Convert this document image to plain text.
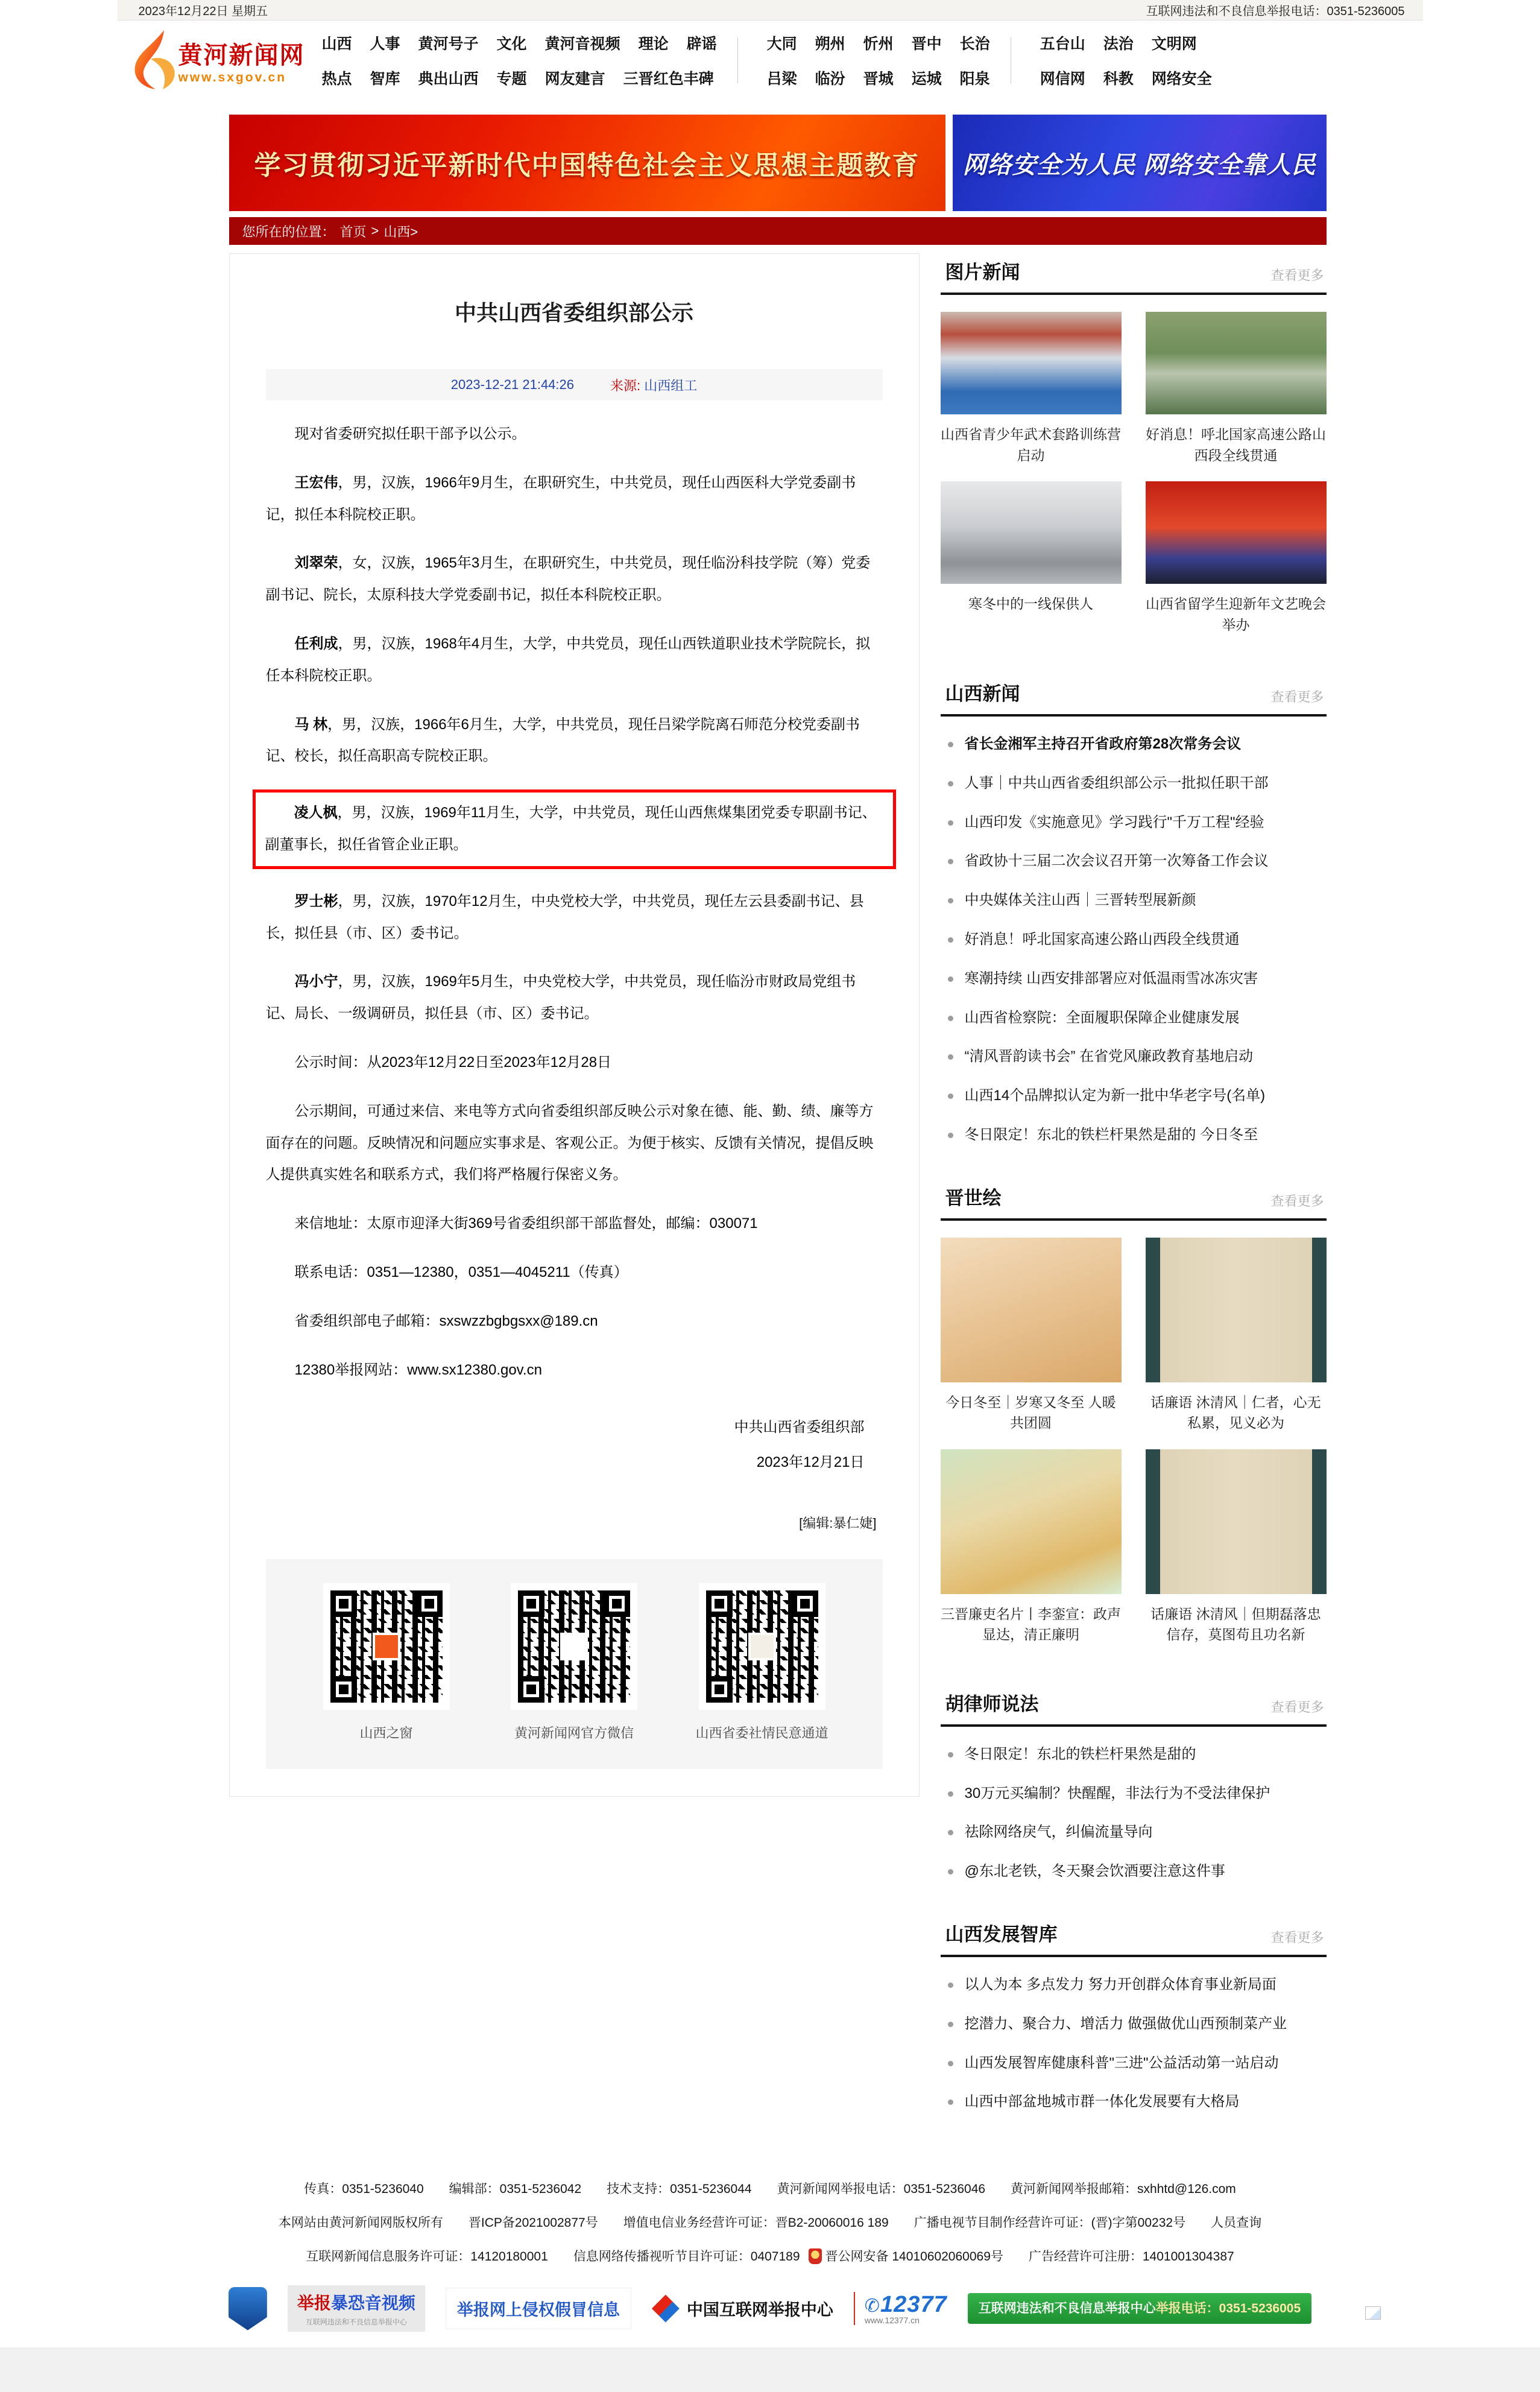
2023年12月22日 星期五	互联网违法和不良信息举报电话：0351-5236005
黄河新闻网
www.sxgov.cn
山西 人事 黄河号子 文化 黄河音视频 理论 辟谣
热点 智库 典出山西 专题 网友建言 三晋红色丰碑
大同 朔州 忻州 晋中 长治
吕梁 临汾 晋城 运城 阳泉
五台山 法治 文明网
网信网 科教 网络安全
学习贯彻习近平新时代中国特色社会主义思想主题教育 网络安全为人民 网络安全靠人民
您所在的位置： 首页 > 山西>
中共山西省委组织部公示
2023-12-21 21:44:26	来源: 山西组工

现对省委研究拟任职干部予以公示。

王宏伟，男，汉族，1966年9月生，在职研究生，中共党员，现任山西医科大学党委副书记，拟任本科院校正职。

刘翠荣，女，汉族，1965年3月生，在职研究生，中共党员，现任临汾科技学院（筹）党委副书记、院长，太原科技大学党委副书记，拟任本科院校正职。

任利成，男，汉族，1968年4月生，大学，中共党员，现任山西铁道职业技术学院院长，拟任本科院校正职。

马 林，男，汉族，1966年6月生，大学，中共党员，现任吕梁学院离石师范分校党委副书记、校长，拟任高职高专院校正职。

凌人枫，男，汉族，1969年11月生，大学，中共党员，现任山西焦煤集团党委专职副书记、副董事长，拟任省管企业正职。

罗士彬，男，汉族，1970年12月生，中央党校大学，中共党员，现任左云县委副书记、县长，拟任县（市、区）委书记。

冯小宁，男，汉族，1969年5月生，中央党校大学，中共党员，现任临汾市财政局党组书记、局长、一级调研员，拟任县（市、区）委书记。

公示时间：从2023年12月22日至2023年12月28日

公示期间，可通过来信、来电等方式向省委组织部反映公示对象在德、能、勤、绩、廉等方面存在的问题。反映情况和问题应实事求是、客观公正。为便于核实、反馈有关情况，提倡反映人提供真实姓名和联系方式，我们将严格履行保密义务。

来信地址：太原市迎泽大街369号省委组织部干部监督处，邮编：030071

联系电话：0351—12380，0351—4045211（传真）

省委组织部电子邮箱：sxswzzbgbgsxx@189.cn

12380举报网站：www.sx12380.gov.cn

中共山西省委组织部
2023年12月21日
[编辑:暴仁婕]
山西之窗	黄河新闻网官方微信	山西省委社情民意通道
图片新闻	查看更多
山西省青少年武术套路训练营启动
好消息！呼北国家高速公路山西段全线贯通
寒冬中的一线保供人	山西省留学生迎新年文艺晚会举办
山西新闻	查看更多
省长金湘军主持召开省政府第28次常务会议
人事｜中共山西省委组织部公示一批拟任职干部
山西印发《实施意见》学习践行"千万工程"经验
省政协十三届二次会议召开第一次筹备工作会议
中央媒体关注山西｜三晋转型展新颜
好消息！呼北国家高速公路山西段全线贯通
寒潮持续 山西安排部署应对低温雨雪冰冻灾害
山西省检察院：全面履职保障企业健康发展
“清风晋韵读书会” 在省党风廉政教育基地启动
山西14个品牌拟认定为新一批中华老字号(名单)
冬日限定！东北的铁栏杆果然是甜的 今日冬至
晋世绘	查看更多
今日冬至｜岁寒又冬至 人暖共团圆
话廉语 沐清风｜仁者，心无私累，见义必为
三晋廉吏名片丨李銮宣：政声显达，清正廉明
话廉语 沐清风｜但期磊落忠信存，莫图苟且功名新
胡律师说法	查看更多
冬日限定！东北的铁栏杆果然是甜的
30万元买编制？快醒醒，非法行为不受法律保护
祛除网络戾气，纠偏流量导向
@东北老铁，冬天聚会饮酒要注意这件事
山西发展智库	查看更多
以人为本 多点发力 努力开创群众体育事业新局面
挖潜力、聚合力、增活力 做强做优山西预制菜产业
山西发展智库健康科普"三进"公益活动第一站启动
山西中部盆地城市群一体化发展要有大格局
传真：0351-5236040　　编辑部：0351-5236042　　技术支持：0351-5236044　　黄河新闻网举报电话：0351-5236046　　黄河新闻网举报邮箱：sxhhtd@126.com
本网站由黄河新闻网版权所有　　晋ICP备2021002877号　　增值电信业务经营许可证：晋B2-20060016 189　　广播电视节目制作经营许可证：(晋)字第00232号　　人员查询
互联网新闻信息服务许可证：14120180001　　信息网络传播视听节目许可证：0407189 晋公网安备 14010602060069号　　广告经营许可注册：1401001304387
举报暴恐音视频
互联网违法和不良信息举报中心
举报网上侵权假冒信息	中国互联网举报中心 ✆12377
www.12377.cn
互联网违法和不良信息举报中心 举报电话：0351-5236005
